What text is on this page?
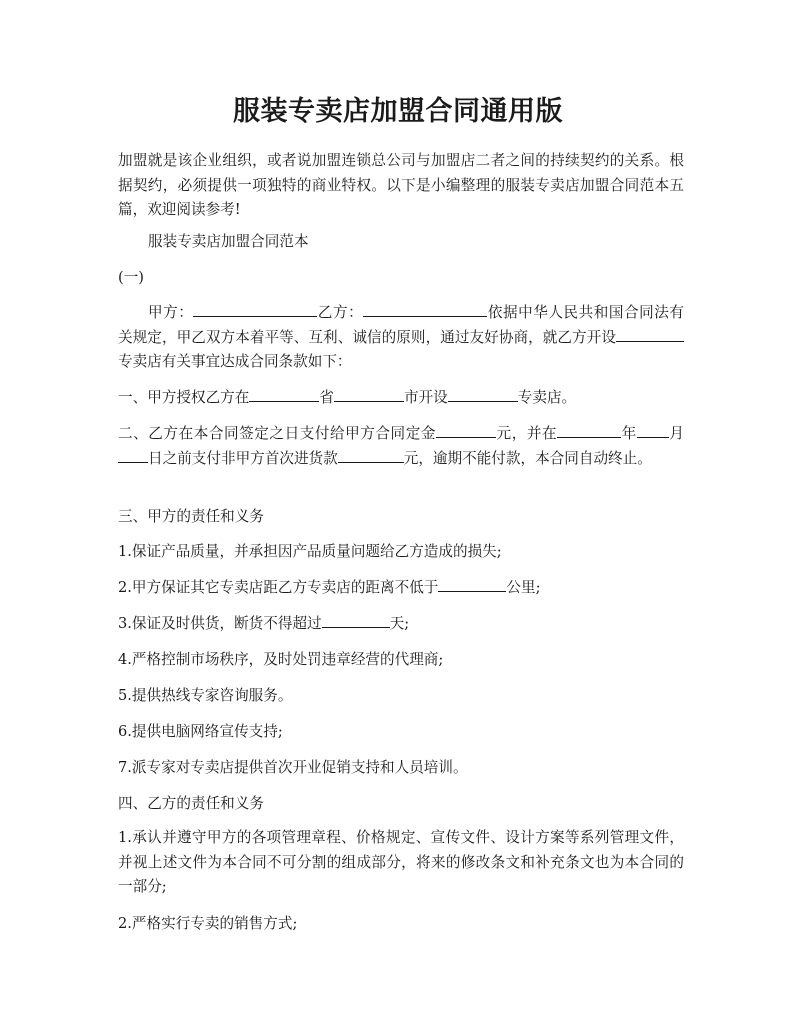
服装专卖店加盟合同通用版

加盟就是该企业组织，或者说加盟连锁总公司与加盟店二者之间的持续契约的关系。根据契约，必须提供一项独特的商业特权。以下是小编整理的服装专卖店加盟合同范本五篇，欢迎阅读参考!

服装专卖店加盟合同范本

(一)

甲方：	乙方：	依据中华人民共和国合同法有关规定，甲乙双方本着平等、互利、诚信的原则，通过友好协商，就乙方开设专卖店有关事宜达成合同条款如下：

一、甲方授权乙方在	省	市开设	专卖店。

二、乙方在本合同签定之日支付给甲方合同定金	元，并在	年 月日之前支付非甲方首次进货款	元，逾期不能付款，本合同自动终止。

三、甲方的责任和义务

1.保证产品质量，并承担因产品质量问题给乙方造成的损失;

2.甲方保证其它专卖店距乙方专卖店的距离不低于	公里;

3.保证及时供货，断货不得超过	天;

4.严格控制市场秩序，及时处罚违章经营的代理商;

5.提供热线专家咨询服务。

6.提供电脑网络宣传支持;

7.派专家对专卖店提供首次开业促销支持和人员培训。

四、乙方的责任和义务

1.承认并遵守甲方的各项管理章程、价格规定、宣传文件、设计方案等系列管理文件，并视上述文件为本合同不可分割的组成部分，将来的修改条文和补充条文也为本合同的一部分;

2.严格实行专卖的销售方式;
